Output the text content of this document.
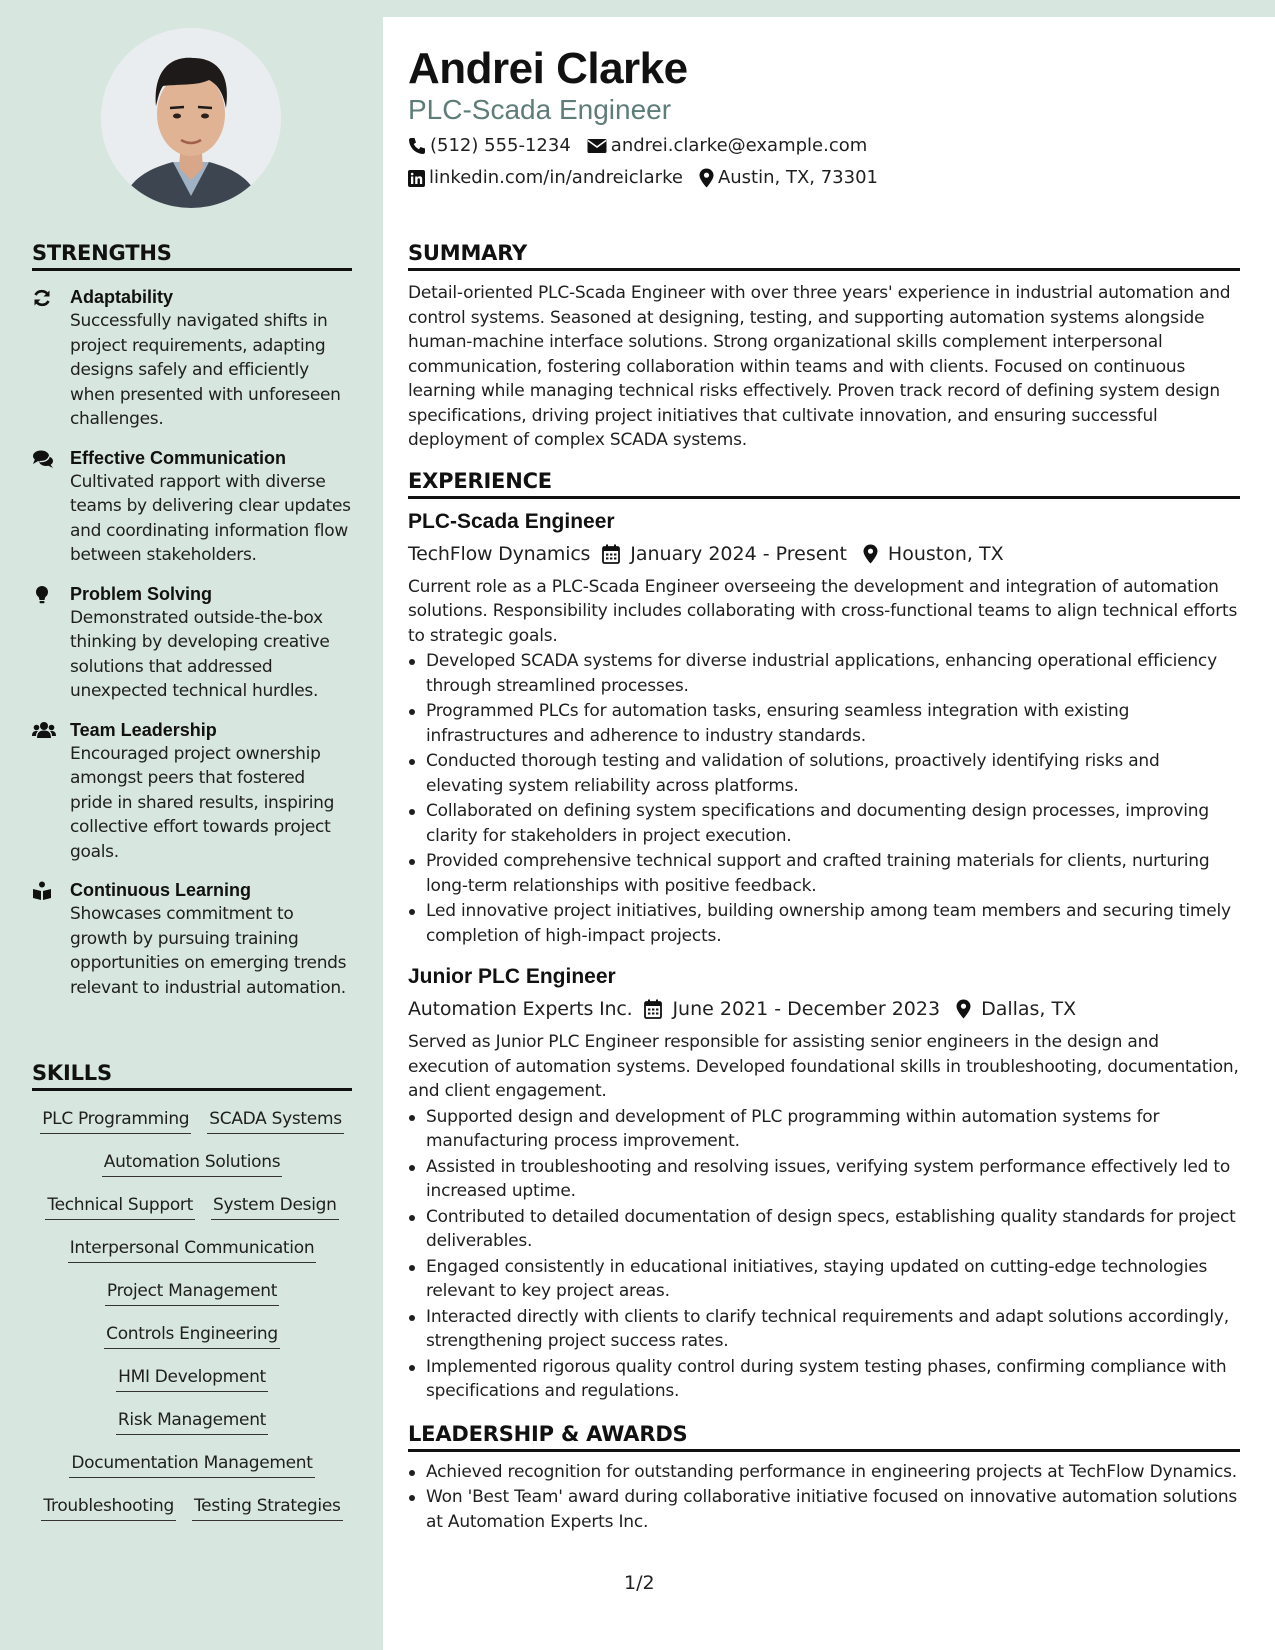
STRENGTHS
Adaptability
Successfully navigated shifts in project requirements, adapting designs safely and efficiently when presented with unforeseen challenges.
Effective Communication
Cultivated rapport with diverse teams by delivering clear updates and coordinating information flow between stakeholders.
Problem Solving
Demonstrated outside-the-box thinking by developing creative solutions that addressed unexpected technical hurdles.
Team Leadership
Encouraged project ownership amongst peers that fostered pride in shared results, inspiring collective effort towards project goals.
Continuous Learning
Showcases commitment to growth by pursuing training opportunities on emerging trends relevant to industrial automation.
SKILLS
PLC Programming SCADA Systems
Automation Solutions
Technical Support System Design
Interpersonal Communication
Project Management
Controls Engineering
HMI Development
Risk Management
Documentation Management
Troubleshooting Testing Strategies
Andrei Clarke
PLC-Scada Engineer
(512) 555-1234 andrei.clarke@example.com
linkedin.com/in/andreiclarke Austin, TX, 73301
SUMMARY
Detail-oriented PLC-Scada Engineer with over three years' experience in industrial automation and control systems. Seasoned at designing, testing, and supporting automation systems alongside human-machine interface solutions. Strong organizational skills complement interpersonal communication, fostering collaboration within teams and with clients. Focused on continuous learning while managing technical risks effectively. Proven track record of defining system design specifications, driving project initiatives that cultivate innovation, and ensuring successful deployment of complex SCADA systems.
EXPERIENCE
PLC-Scada Engineer
TechFlow Dynamics January 2024 - Present Houston, TX
Current role as a PLC-Scada Engineer overseeing the development and integration of automation solutions. Responsibility includes collaborating with cross-functional teams to align technical efforts to strategic goals.
Developed SCADA systems for diverse industrial applications, enhancing operational efficiency through streamlined processes.
Programmed PLCs for automation tasks, ensuring seamless integration with existing infrastructures and adherence to industry standards.
Conducted thorough testing and validation of solutions, proactively identifying risks and elevating system reliability across platforms.
Collaborated on defining system specifications and documenting design processes, improving clarity for stakeholders in project execution.
Provided comprehensive technical support and crafted training materials for clients, nurturing long-term relationships with positive feedback.
Led innovative project initiatives, building ownership among team members and securing timely completion of high-impact projects.
Junior PLC Engineer
Automation Experts Inc. June 2021 - December 2023 Dallas, TX
Served as Junior PLC Engineer responsible for assisting senior engineers in the design and execution of automation systems. Developed foundational skills in troubleshooting, documentation, and client engagement.
Supported design and development of PLC programming within automation systems for manufacturing process improvement.
Assisted in troubleshooting and resolving issues, verifying system performance effectively led to increased uptime.
Contributed to detailed documentation of design specs, establishing quality standards for project deliverables.
Engaged consistently in educational initiatives, staying updated on cutting-edge technologies relevant to key project areas.
Interacted directly with clients to clarify technical requirements and adapt solutions accordingly, strengthening project success rates.
Implemented rigorous quality control during system testing phases, confirming compliance with specifications and regulations.
LEADERSHIP & AWARDS
Achieved recognition for outstanding performance in engineering projects at TechFlow Dynamics.
Won 'Best Team' award during collaborative initiative focused on innovative automation solutions at Automation Experts Inc.
1/2
